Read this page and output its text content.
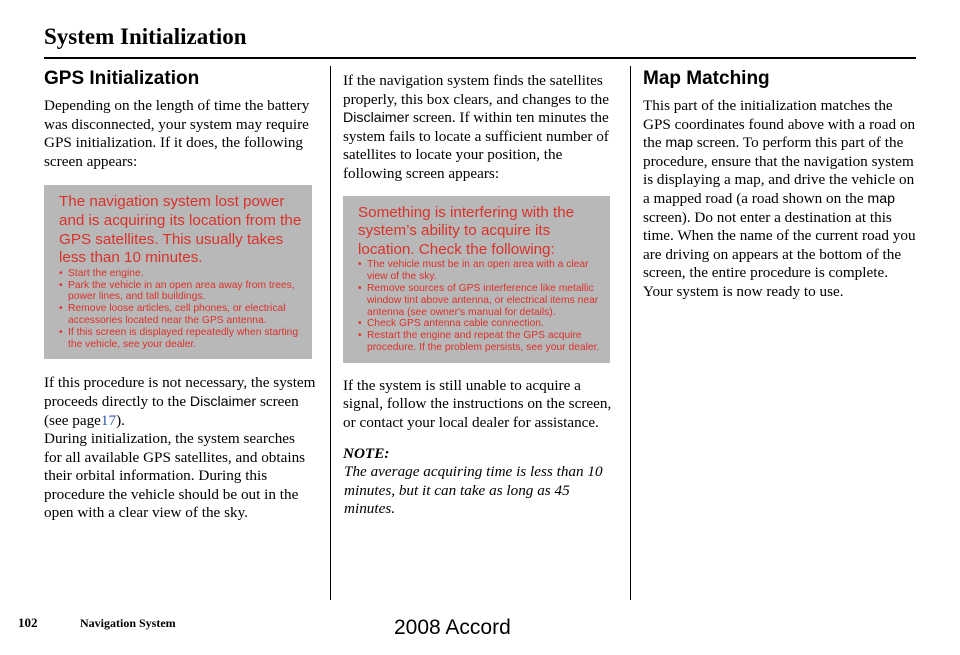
System Initialization
GPS Initialization

Depending on the length of time the battery was disconnected, your system may require GPS initialization. If it does, the following screen appears:

The navigation system lost power and is acquiring its location from the GPS satellites. This usually takes less than 10 minutes.

• Start the engine.
• Park the vehicle in an open area away from trees, power lines, and tall buildings.
• Remove loose articles, cell phones, or electrical accessories located near the GPS antenna.
• If this screen is displayed repeatedly when starting the vehicle, see your dealer.

If this procedure is not necessary, the system proceeds directly to the Disclaimer screen (see page17).

During initialization, the system searches for all available GPS satellites, and obtains their orbital information. During this procedure the vehicle should be out in the open with a clear view of the sky.

If the navigation system finds the satellites properly, this box clears, and changes to the Disclaimer screen. If within ten minutes the system fails to locate a sufficient number of satellites to locate your position, the following screen appears:

Something is interfering with the system’s ability to acquire its location. Check the following:

• The vehicle must be in an open area with a clear view of the sky.
• Remove sources of GPS interference like metallic window tint above antenna, or electrical items near antenna (see owner's manual for details).
• Check GPS antenna cable connection.
• Restart the engine and repeat the GPS acquire procedure. If the problem persists, see your dealer.

If the system is still unable to acquire a signal, follow the instructions on the screen, or contact your local dealer for assistance.

NOTE:

The average acquiring time is less than 10 minutes, but it can take as long as 45 minutes.

Map Matching

This part of the initialization matches the GPS coordinates found above with a road on the map screen. To perform this part of the procedure, ensure that the navigation system is displaying a map, and drive the vehicle on a mapped road (a road shown on the map screen). Do not enter a destination at this time. When the name of the current road you are driving on appears at the bottom of the screen, the entire procedure is complete. Your system is now ready to use.

102	Navigation System	2008 Accord
